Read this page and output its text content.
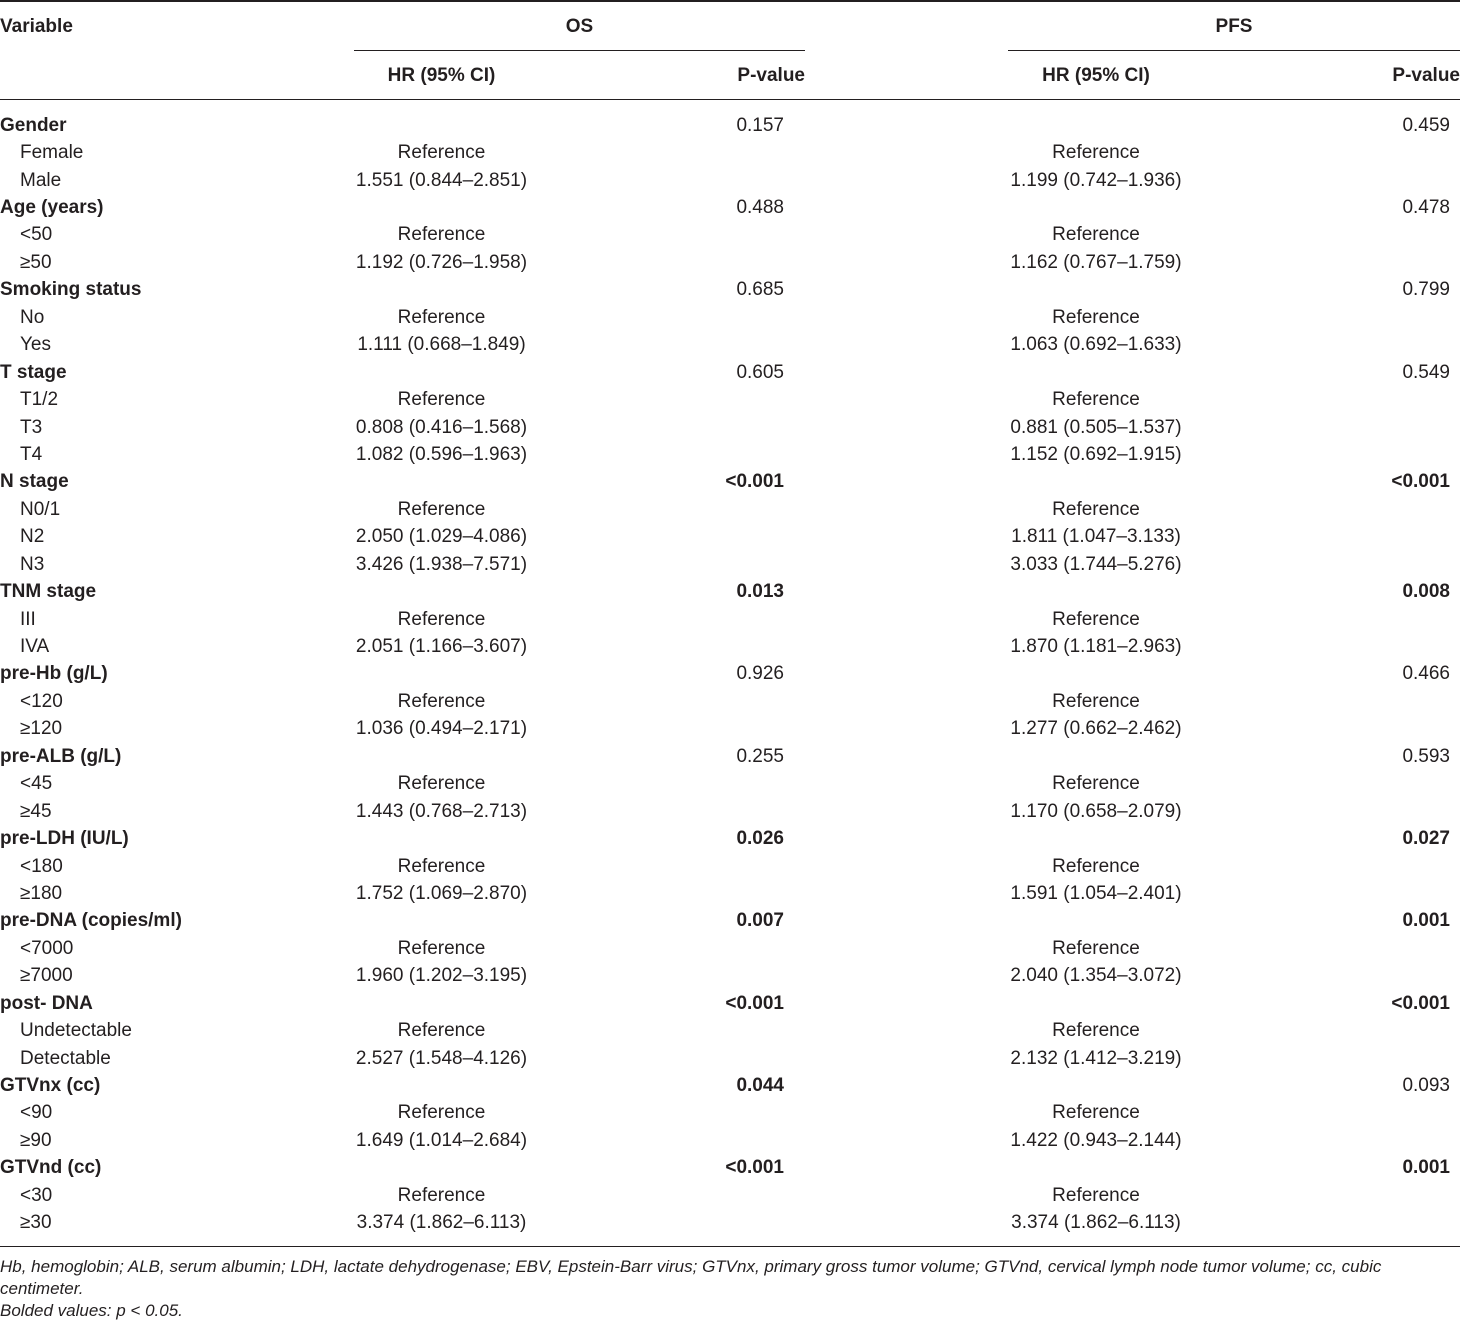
Variable	OS	PFS
HR (95% CI)	P-value	HR (95% CI)	P-value
Gender		0.157			0.459
Female	Reference			Reference	
Male	1.551 (0.844–2.851)			1.199 (0.742–1.936)	
Age (years)		0.488			0.478
<50	Reference			Reference	
≥50	1.192 (0.726–1.958)			1.162 (0.767–1.759)	
Smoking status		0.685			0.799
No	Reference			Reference	
Yes	1.111 (0.668–1.849)			1.063 (0.692–1.633)	
T stage		0.605			0.549
T1/2	Reference			Reference	
T3	0.808 (0.416–1.568)			0.881 (0.505–1.537)	
T4	1.082 (0.596–1.963)			1.152 (0.692–1.915)	
N stage		<0.001			<0.001
N0/1	Reference			Reference	
N2	2.050 (1.029–4.086)			1.811 (1.047–3.133)	
N3	3.426 (1.938–7.571)			3.033 (1.744–5.276)	
TNM stage		0.013			0.008
III	Reference			Reference	
IVA	2.051 (1.166–3.607)			1.870 (1.181–2.963)	
pre-Hb (g/L)		0.926			0.466
<120	Reference			Reference	
≥120	1.036 (0.494–2.171)			1.277 (0.662–2.462)	
pre-ALB (g/L)		0.255			0.593
<45	Reference			Reference	
≥45	1.443 (0.768–2.713)			1.170 (0.658–2.079)	
pre-LDH (IU/L)		0.026			0.027
<180	Reference			Reference	
≥180	1.752 (1.069–2.870)			1.591 (1.054–2.401)	
pre-DNA (copies/ml)		0.007			0.001
<7000	Reference			Reference	
≥7000	1.960 (1.202–3.195)			2.040 (1.354–3.072)	
post- DNA		<0.001			<0.001
Undetectable	Reference			Reference	
Detectable	2.527 (1.548–4.126)			2.132 (1.412–3.219)	
GTVnx (cc)		0.044			0.093
<90	Reference			Reference	
≥90	1.649 (1.014–2.684)			1.422 (0.943–2.144)	
GTVnd (cc)		<0.001			0.001
<30	Reference			Reference	
≥30	3.374 (1.862–6.113)			3.374 (1.862–6.113)	
Hb, hemoglobin; ALB, serum albumin; LDH, lactate dehydrogenase; EBV, Epstein-Barr virus; GTVnx, primary gross tumor volume; GTVnd, cervical lymph node tumor volume; cc, cubic centimeter.
Bolded values: p < 0.05.
